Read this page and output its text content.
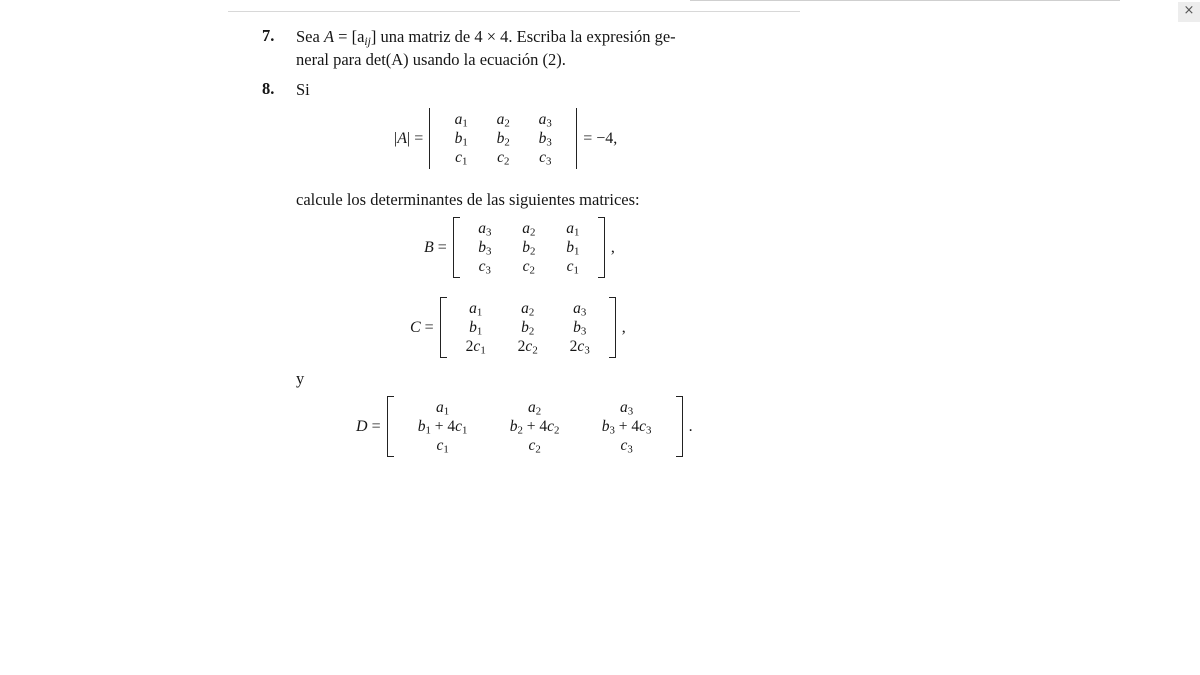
×
7. Sea $A = [a_{ij}]$ una matriz de 4 × 4. Escriba la expresión ge-
neral para det(A) usando la ecuación (2).
8. Si
|A| =
$a_1$	$a_2$	$a_3$
$b_1$	$b_2$	$b_3$
$c_1$	$c_2$	$c_3$
= −4,
calcule los determinantes de las siguientes matrices:
B =
$a_3$	$a_2$	$a_1$
$b_3$	$b_2$	$b_1$
$c_3$	$c_2$	$c_1$
,
C =
$a_1$	$a_2$	$a_3$
$b_1$	$b_2$	$b_3$
$2c_1$	$2c_2$	$2c_3$
,
y
D =
$a_1$	$a_2$	$a_3$
$b_1 + 4c_1$	$b_2 + 4c_2$	$b_3 + 4c_3$
$c_1$	$c_2$	$c_3$
.
